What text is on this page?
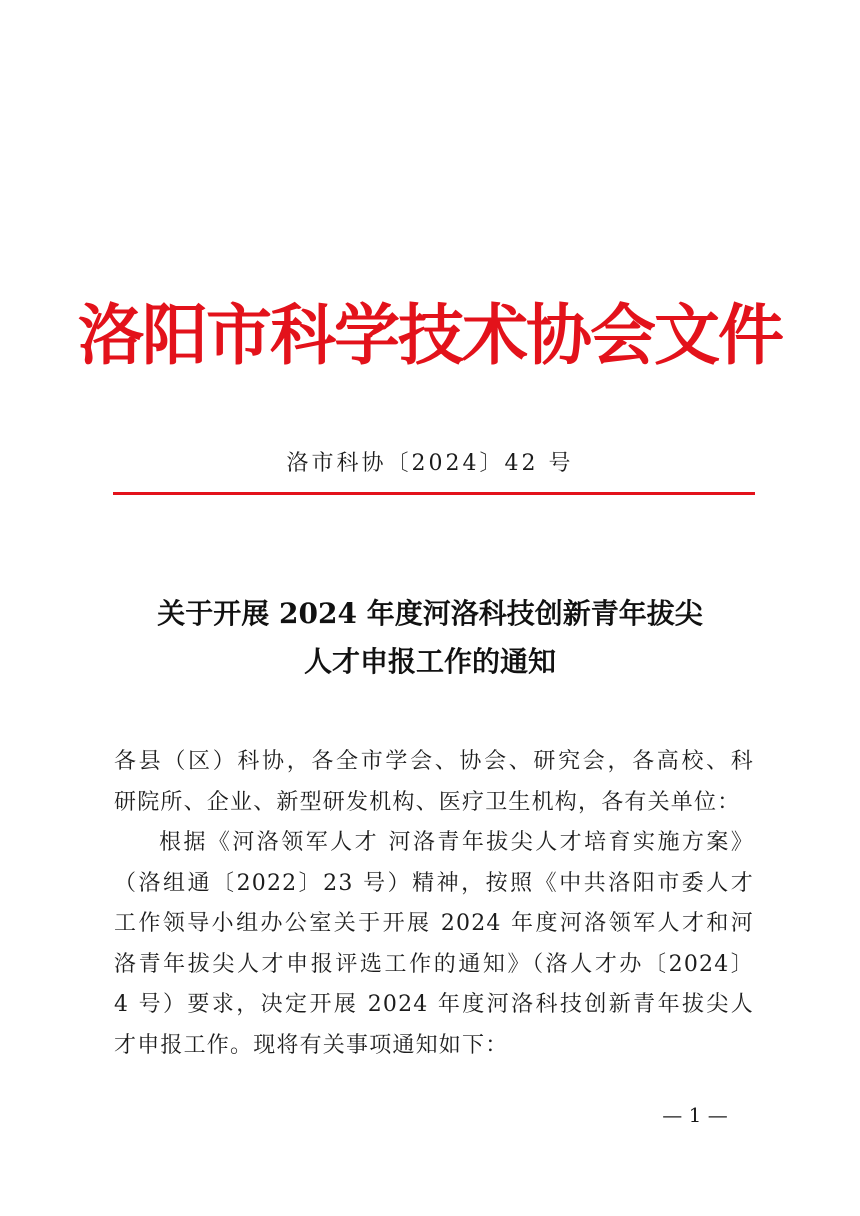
洛阳市科学技术协会文件
洛市科协〔2024〕42 号
关于开展 2024 年度河洛科技创新青年拔尖
人才申报工作的通知
各县（区）科协，各全市学会、协会、研究会，各高校、科
研院所、企业、新型研发机构、医疗卫生机构，各有关单位：
根据《河洛领军人才 河洛青年拔尖人才培育实施方案》
（洛组通〔2022〕23 号）精神，按照《中共洛阳市委人才
工作领导小组办公室关于开展 2024 年度河洛领军人才和河
洛青年拔尖人才申报评选工作的通知》（洛人才办〔2024〕
4 号）要求，决定开展 2024 年度河洛科技创新青年拔尖人
才申报工作。现将有关事项通知如下：
— 1 —
